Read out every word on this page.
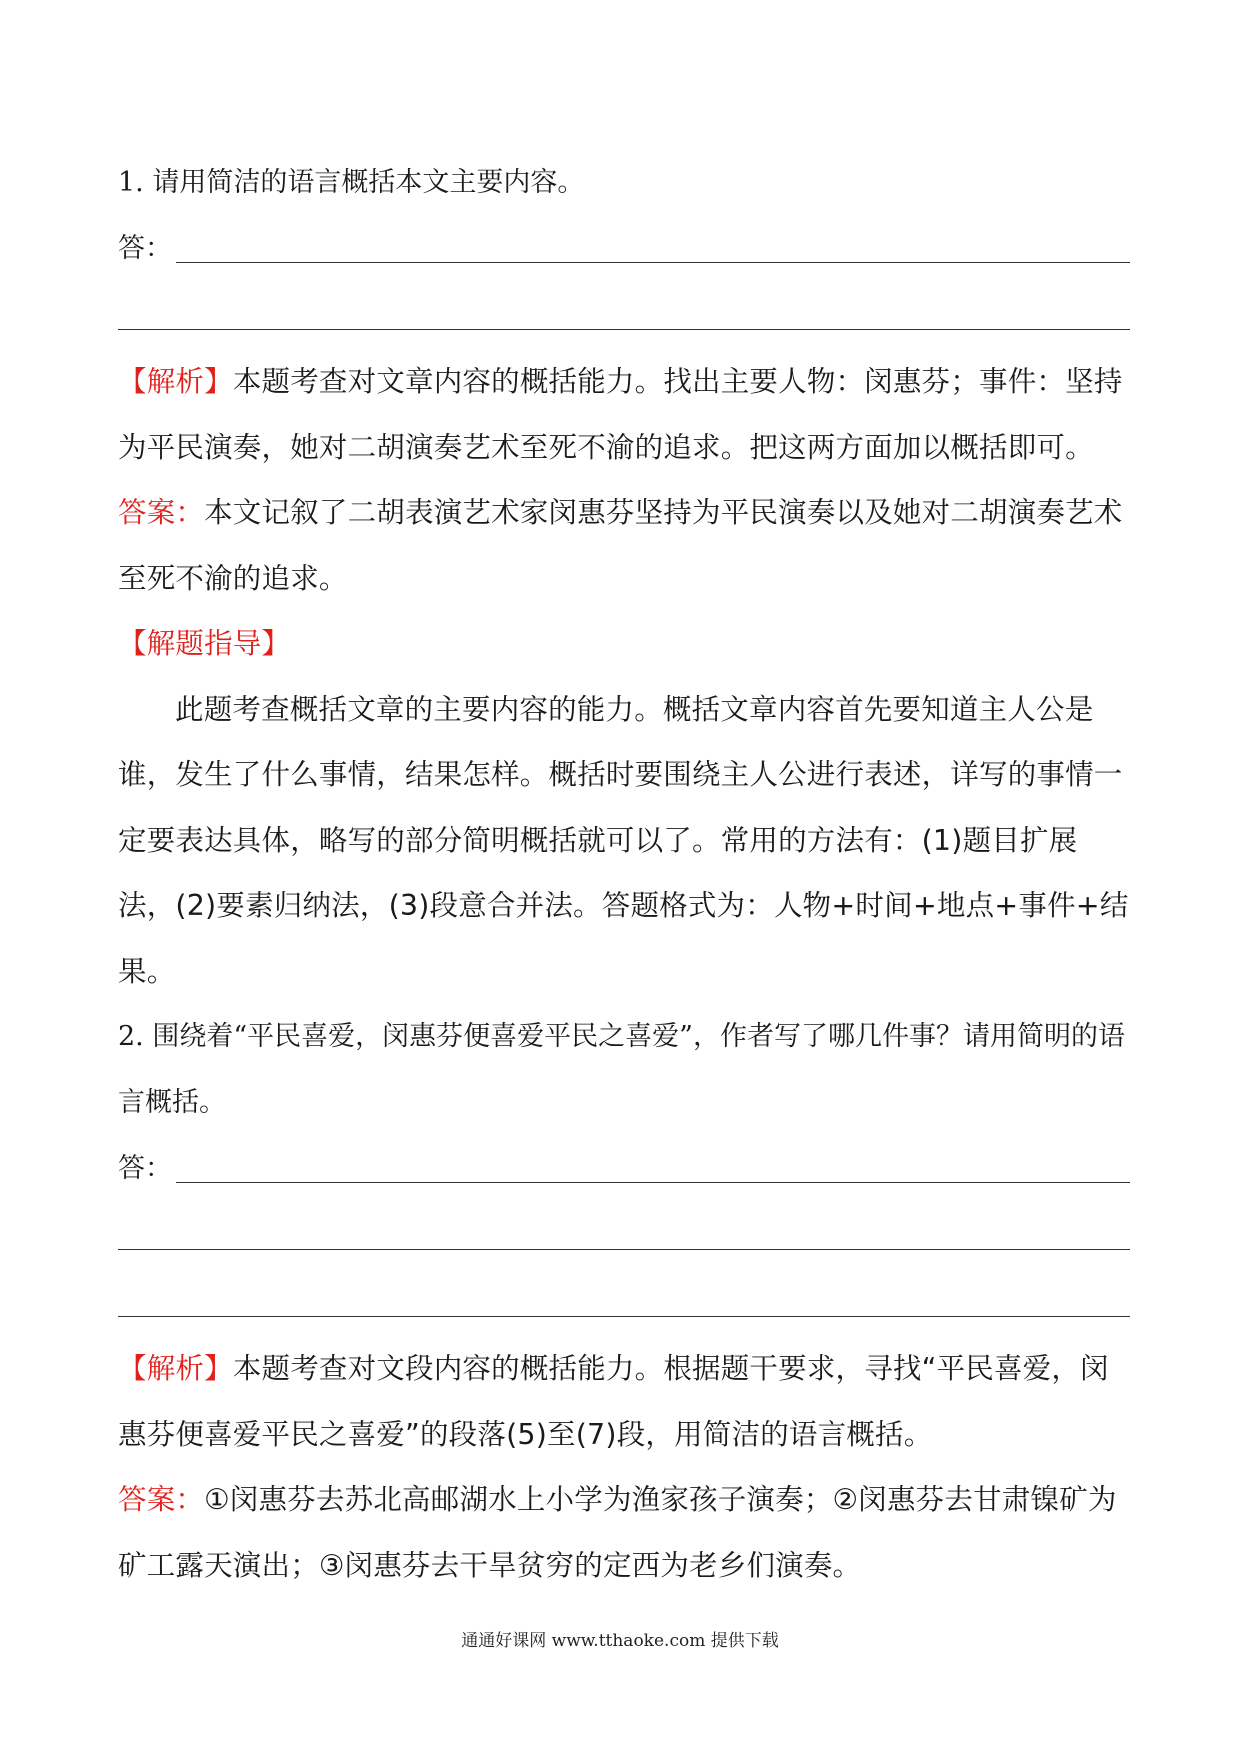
1. 请用简洁的语言概括本文主要内容。

答：

【解析】本题考查对文章内容的概括能力。找出主要人物：闵惠芬；事件：坚持为平民演奏，她对二胡演奏艺术至死不渝的追求。把这两方面加以概括即可。

答案：本文记叙了二胡表演艺术家闵惠芬坚持为平民演奏以及她对二胡演奏艺术至死不渝的追求。

【解题指导】

此题考查概括文章的主要内容的能力。概括文章内容首先要知道主人公是谁，发生了什么事情，结果怎样。概括时要围绕主人公进行表述，详写的事情一定要表达具体，略写的部分简明概括就可以了。常用的方法有：(1)题目扩展法，(2)要素归纳法，(3)段意合并法。答题格式为：人物+时间+地点+事件+结果。

2. 围绕着“平民喜爱，闵惠芬便喜爱平民之喜爱”，作者写了哪几件事？请用简明的语言概括。

答：

【解析】本题考查对文段内容的概括能力。根据题干要求，寻找“平民喜爱，闵惠芬便喜爱平民之喜爱”的段落(5)至(7)段，用简洁的语言概括。

答案：①闵惠芬去苏北高邮湖水上小学为渔家孩子演奏；②闵惠芬去甘肃镍矿为矿工露天演出；③闵惠芬去干旱贫穷的定西为老乡们演奏。

通通好课网 www.tthaoke.com 提供下载
